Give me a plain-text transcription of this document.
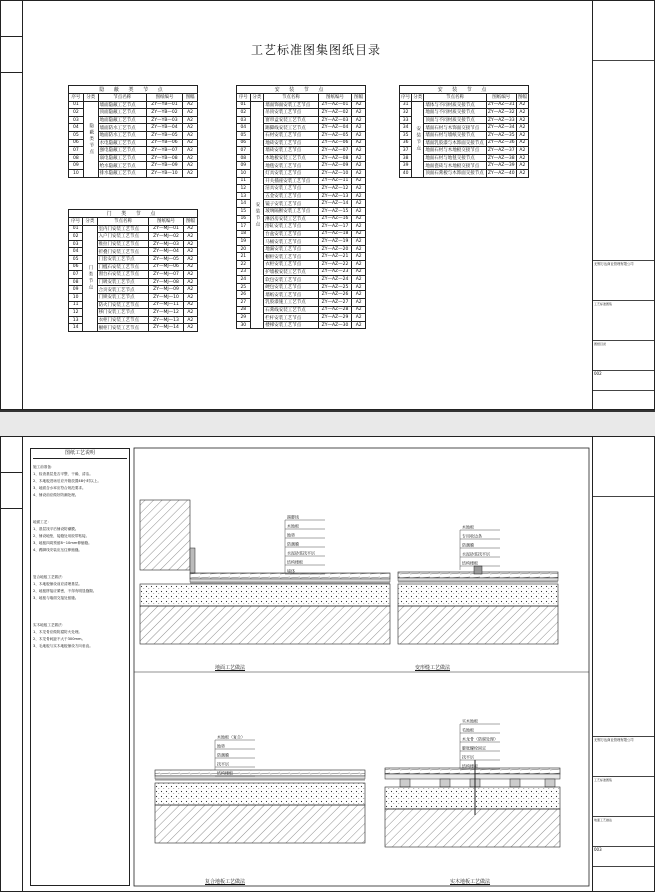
工艺标准图集图纸目录
隐 蔽 类 节 点
序号	分类	节点名称	图纸编号	图幅
01	隐蔽类节点	墙面隐蔽工艺节点	ZY—YB—01	A2
02		顶面隐蔽工艺节点	ZY—YB—02	A2
03		地面隐蔽工艺节点	ZY—YB—03	A2
04		墙面防水工艺节点	ZY—YB—04	A2
05		地面防水工艺节点	ZY—YB—05	A2
06		水电隐蔽工艺节点	ZY—YB—06	A2
07		强电隐蔽工艺节点	ZY—YB—07	A2
08		弱电隐蔽工艺节点	ZY—YB—08	A2
09		给水隐蔽工艺节点	ZY—YB—09	A2
10		排水隐蔽工艺节点	ZY—YB—10	A2
门 类 节 点
序号	分类	节点名称	图纸编号	图幅
01	门类节点	室内门安装工艺节点	ZY—MJ—01	A2
02		入户门安装工艺节点	ZY—MJ—02	A2
03		推拉门安装工艺节点	ZY—MJ—03	A2
04		折叠门安装工艺节点	ZY—MJ—04	A2
05		门套安装工艺节点	ZY—MJ—05	A2
06		门槛石安装工艺节点	ZY—MJ—06	A2
07		窗台石安装工艺节点	ZY—MJ—07	A2
08		门吸安装工艺节点	ZY—MJ—08	A2
09		合页安装工艺节点	ZY—MJ—09	A2
10		门锁安装工艺节点	ZY—MJ—10	A2
11		防火门安装工艺节点	ZY—MJ—11	A2
12		移门安装工艺节点	ZY—MJ—12	A2
13		衣柜门安装工艺节点	ZY—MJ—13	A2
14		橱柜门安装工艺节点	ZY—MJ—14	A2
安 装 节 点
序号	分类	节点名称	图纸编号	图幅
01	安装节点	墙面饰面安装工艺节点	ZY—AZ—01	A2
02		吊顶安装工艺节点	ZY—AZ—02	A2
03		窗帘盒安装工艺节点	ZY—AZ—03	A2
04		踢脚线安装工艺节点	ZY—AZ—04	A2
05		石材安装工艺节点	ZY—AZ—05	A2
06		地砖安装工艺节点	ZY—AZ—06	A2
07		墙砖安装工艺节点	ZY—AZ—07	A2
08		木地板安装工艺节点	ZY—AZ—08	A2
09		地毯安装工艺节点	ZY—AZ—09	A2
10		灯具安装工艺节点	ZY—AZ—10	A2
11		开关插座安装工艺节点	ZY—AZ—11	A2
12		洁具安装工艺节点	ZY—AZ—12	A2
13		五金安装工艺节点	ZY—AZ—13	A2
14		镜子安装工艺节点	ZY—AZ—14	A2
15		玻璃隔断安装工艺节点	ZY—AZ—15	A2
16		淋浴房安装工艺节点	ZY—AZ—16	A2
17		浴缸安装工艺节点	ZY—AZ—17	A2
18		台盆安装工艺节点	ZY—AZ—18	A2
19		马桶安装工艺节点	ZY—AZ—19	A2
20		地漏安装工艺节点	ZY—AZ—20	A2
21		橱柜安装工艺节点	ZY—AZ—21	A2
22		衣柜安装工艺节点	ZY—AZ—22	A2
23		护墙板安装工艺节点	ZY—AZ—23	A2
24		软包安装工艺节点	ZY—AZ—24	A2
25		硬包安装工艺节点	ZY—AZ—25	A2
26		墙纸安装工艺节点	ZY—AZ—26	A2
27		乳胶漆施工工艺节点	ZY—AZ—27	A2
28		石膏线安装工艺节点	ZY—AZ—28	A2
29		栏杆安装工艺节点	ZY—AZ—29	A2
30		楼梯安装工艺节点	ZY—AZ—30	A2
安 装 节 点
序号	分类	节点名称	图纸编号	图幅
31	安装节点	墙体与不同材质交接节点	ZY—AZ—31	A2
32		地面与不同材质交接节点	ZY—AZ—32	A2
33		顶面与不同材质交接节点	ZY—AZ—33	A2
34		墙面石材与木饰面交接节点	ZY—AZ—34	A2
35		墙面石材与墙纸交接节点	ZY—AZ—35	A2
36		墙面乳胶漆与木饰面交接节点	ZY—AZ—36	A2
37		地面石材与木地板交接节点	ZY—AZ—37	A2
38		地面石材与地毯交接节点	ZY—AZ—38	A2
39		地面瓷砖与木地板交接节点	ZY—AZ—39	A2
40		顶面石膏板与木饰面交接节点	ZY—AZ—40	A2
无锡万达商业管理有限公司
工艺标准图集
图纸目录
002
无锡万达商业管理有限公司
工艺标准图集
地面工艺做法
003
图纸工艺说明

施工前准备：

1、检查基层是否平整、干燥、清洁。

2、木地板进场后应开箱放置48小时以上。

3、地面含水率应符合规范要求。

4、铺设前应做好防潮处理。

地面工艺：

1、基层找平后铺设防潮膜。

2、铺设地垫，接缝处用胶带粘接。

3、地板四周预留8~10mm伸缩缝。

4、踢脚线安装应压住伸缩缝。

复合地板工艺做法：

1、木地板铺设前应清理基层。

2、地板拼接应紧密，不得有明显缝隙。

3、地板与墙面交接处留缝。

实木地板工艺做法：

1、木龙骨应做防腐防火处理。

2、木龙骨间距不大于300mm。

3、毛地板与实木地板铺设方向垂直。

踢脚线
木地板
地垫
防潮膜
水泥砂浆找平层
结构楼板
墙体
木地板
专用收边条
防潮膜
水泥砂浆找平层
结构楼板
木地板（复合）
地垫
防潮膜
找平层
结构楼板
实木地板
毛地板
木龙骨（防腐处理）
膨胀螺栓固定
找平层
结构楼板
地面工艺做法	变形缝工艺做法
复合地板工艺做法	实木地板工艺做法
